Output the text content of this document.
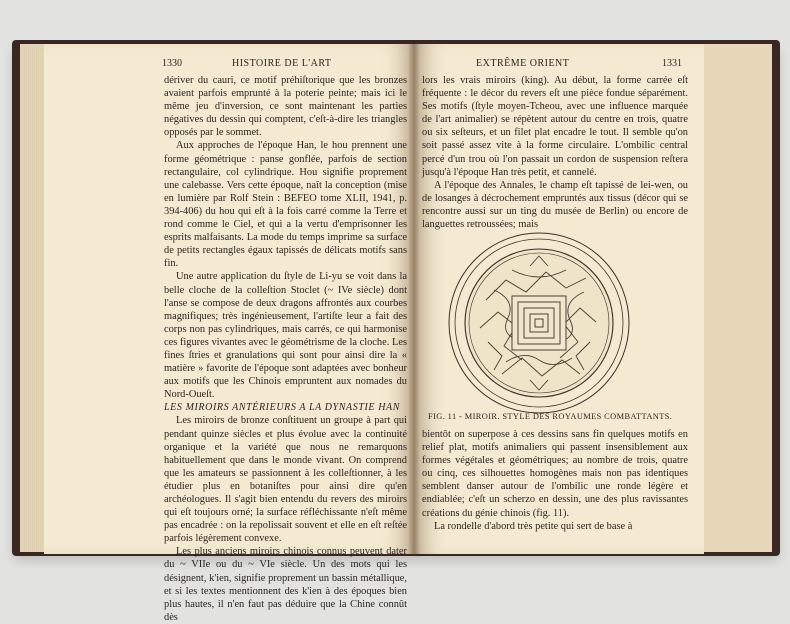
1330	HISTOIRE DE L'ART

dériver du cauri, ce motif préhiſtorique que les bronzes avaient parfois emprunté à la poterie peinte; mais ici le même jeu d'inversion, ce sont maintenant les parties négatives du dessin qui comptent, c'eſt-à-dire les triangles opposés par le sommet.

Aux approches de l'époque Han, le hou prennent une forme géométrique : panse gonflée, parfois de section rectangulaire, col cylindrique. Hou signifie proprement une calebasse. Vers cette époque, naît la conception (mise en lumière par Rolf Stein : BEFEO tome XLII, 1941, p. 394-406) du hou qui eſt à la fois carré comme la Terre et rond comme le Ciel, et qui a la vertu d'emprisonner les esprits malfaisants. La mode du temps imprime sa surface de petits rectangles égaux tapissés de délicats motifs sans fin.

Une autre application du ſtyle de Li-yu se voit dans la belle cloche de la colleſtion Stoclet (~ IVe siècle) dont l'anse se compose de deux dragons affrontés aux courbes magnifiques; très ingénieusement, l'artiſte leur a fait des corps non pas cylindriques, mais carrés, ce qui harmonise ces figures vivantes avec le géométrisme de la cloche. Les fines ſtries et granulations qui sont pour ainsi dire la « matière » favorite de l'époque sont adaptées avec bonheur aux motifs que les Chinois empruntent aux nomades du Nord-Oueſt.

LES MIROIRS ANTÉRIEURS A LA DYNASTIE HAN

Les miroirs de bronze conſtituent un groupe à part qui pendant quinze siècles et plus évolue avec la continuité organique et la variété que nous ne remarquons habituellement que dans le monde vivant. On comprend que les amateurs se passionnent à les colleſtionner, à les étudier plus en botaniſtes pour ainsi dire qu'en archéologues. Il s'agit bien entendu du revers des miroirs qui eſt toujours orné; la surface réfléchissante n'eſt même pas encadrée : on la repolissait souvent et elle en eſt reſtée parfois légèrement convexe.

Les plus anciens miroirs chinois connus peuvent dater du ~ VIIe ou du ~ VIe siècle. Un des mots qui les désignent, k'ien, signifie proprement un bassin métallique, et si les textes mentionnent des k'ien à des époques bien plus hautes, il n'en faut pas déduire que la Chine connût dès

EXTRÊME ORIENT	1331

lors les vrais miroirs (king). Au début, la forme carrée eſt fréquente : le décor du revers eſt une pièce fondue séparément. Ses motifs (ſtyle moyen-Tcheou, avec une influence marquée de l'art animalier) se répètent autour du centre en trois, quatre ou six seſteurs, et un filet plat encadre le tout. Il semble qu'on soit passé assez vite à la forme circulaire. L'ombilic central percé d'un trou où l'on passait un cordon de suspension reſtera jusqu'à l'époque Han très petit, et cannelé.

A l'époque des Annales, le champ eſt tapissé de lei-wen, ou de losanges à décrochement empruntés aux tissus (décor qui se rencontre aussi sur un ting du musée de Berlin) ou encore de languettes retroussées; mais

FIG. 11 - MIROIR. STYLE DES ROYAUMES COMBATTANTS.

bientôt on superpose à ces dessins sans fin quelques motifs en relief plat, motifs animaliers qui passent insensiblement aux formes végétales et géométriques; au nombre de trois, quatre ou cinq, ces silhouettes homogènes mais non pas identiques semblent danser autour de l'ombilic une ronde légère et endiablée; c'eſt un scherzo en dessin, une des plus ravissantes créations du génie chinois (fig. 11).

La rondelle d'abord très petite qui sert de base à
